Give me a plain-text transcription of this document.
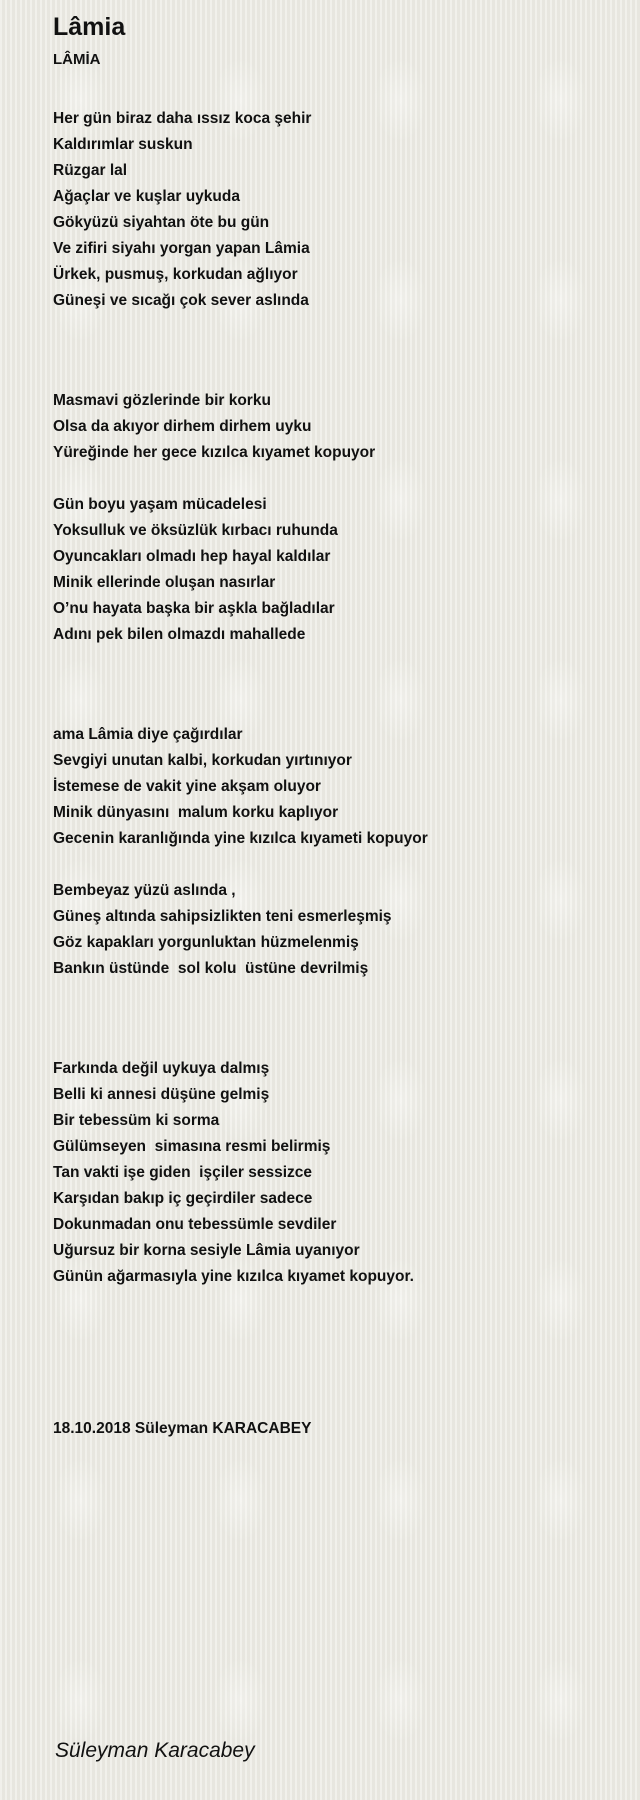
Lâmia
LÂMİA
Her gün biraz daha ıssız koca şehir
Kaldırımlar suskun
Rüzgar lal
Ağaçlar ve kuşlar uykuda
Gökyüzü siyahtan öte bu gün
Ve zifiri siyahı yorgan yapan Lâmia
Ürkek, pusmuş, korkudan ağlıyor
Güneşi ve sıcağı çok sever aslında
Masmavi gözlerinde bir korku
Olsa da akıyor dirhem dirhem uyku
Yüreğinde her gece kızılca kıyamet kopuyor
Gün boyu yaşam mücadelesi
Yoksulluk ve öksüzlük kırbacı ruhunda
Oyuncakları olmadı hep hayal kaldılar
Minik ellerinde oluşan nasırlar
O’nu hayata başka bir aşkla bağladılar
Adını pek bilen olmazdı mahallede
ama Lâmia diye çağırdılar
Sevgiyi unutan kalbi, korkudan yırtınıyor
İstemese de vakit yine akşam oluyor
Minik dünyasını  malum korku kaplıyor
Gecenin karanlığında yine kızılca kıyameti kopuyor
Bembeyaz yüzü aslında ,
Güneş altında sahipsizlikten teni esmerleşmiş
Göz kapakları yorgunluktan hüzmelenmiş
Bankın üstünde  sol kolu  üstüne devrilmiş
Farkında değil uykuya dalmış
Belli ki annesi düşüne gelmiş
Bir tebessüm ki sorma
Gülümseyen  simasına resmi belirmiş
Tan vakti işe giden  işçiler sessizce
Karşıdan bakıp iç geçirdiler sadece
Dokunmadan onu tebessümle sevdiler
Uğursuz bir korna sesiyle Lâmia uyanıyor
Günün ağarmasıyla yine kızılca kıyamet kopuyor.
18.10.2018 Süleyman KARACABEY
Süleyman Karacabey
